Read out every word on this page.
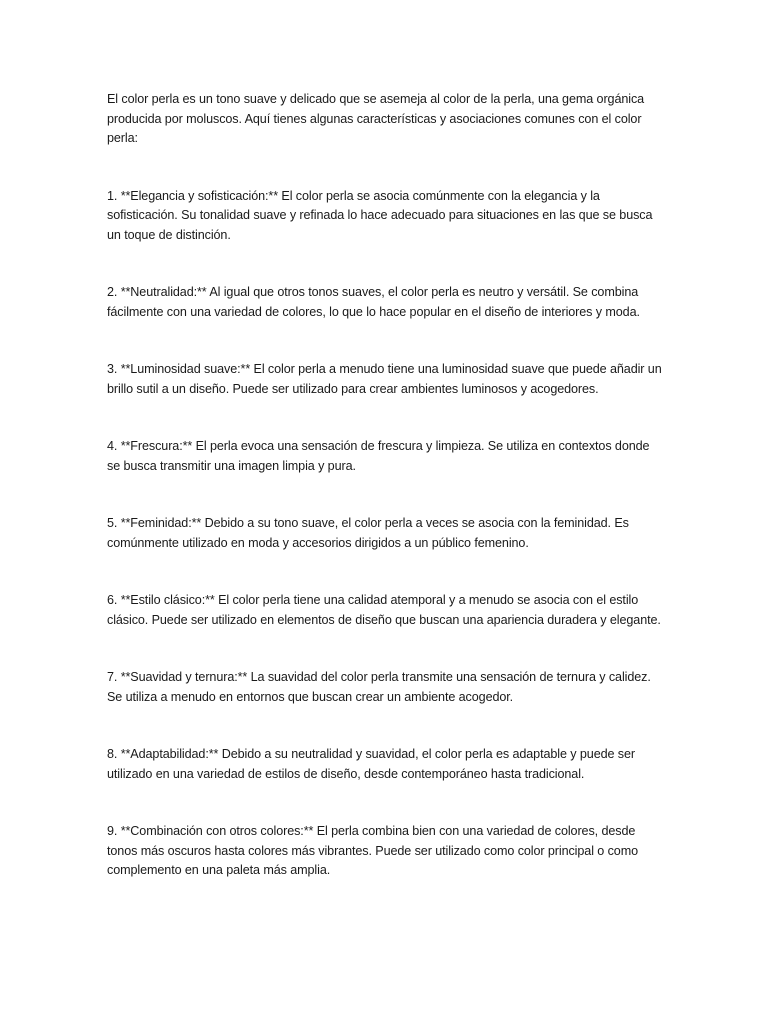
El color perla es un tono suave y delicado que se asemeja al color de la perla, una gema orgánica producida por moluscos. Aquí tienes algunas características y asociaciones comunes con el color perla:

1. **Elegancia y sofisticación:** El color perla se asocia comúnmente con la elegancia y la sofisticación. Su tonalidad suave y refinada lo hace adecuado para situaciones en las que se busca un toque de distinción.

2. **Neutralidad:** Al igual que otros tonos suaves, el color perla es neutro y versátil. Se combina fácilmente con una variedad de colores, lo que lo hace popular en el diseño de interiores y moda.

3. **Luminosidad suave:** El color perla a menudo tiene una luminosidad suave que puede añadir un brillo sutil a un diseño. Puede ser utilizado para crear ambientes luminosos y acogedores.

4. **Frescura:** El perla evoca una sensación de frescura y limpieza. Se utiliza en contextos donde se busca transmitir una imagen limpia y pura.

5. **Feminidad:** Debido a su tono suave, el color perla a veces se asocia con la feminidad. Es comúnmente utilizado en moda y accesorios dirigidos a un público femenino.

6. **Estilo clásico:** El color perla tiene una calidad atemporal y a menudo se asocia con el estilo clásico. Puede ser utilizado en elementos de diseño que buscan una apariencia duradera y elegante.

7. **Suavidad y ternura:** La suavidad del color perla transmite una sensación de ternura y calidez. Se utiliza a menudo en entornos que buscan crear un ambiente acogedor.

8. **Adaptabilidad:** Debido a su neutralidad y suavidad, el color perla es adaptable y puede ser utilizado en una variedad de estilos de diseño, desde contemporáneo hasta tradicional.

9. **Combinación con otros colores:** El perla combina bien con una variedad de colores, desde tonos más oscuros hasta colores más vibrantes. Puede ser utilizado como color principal o como complemento en una paleta más amplia.
